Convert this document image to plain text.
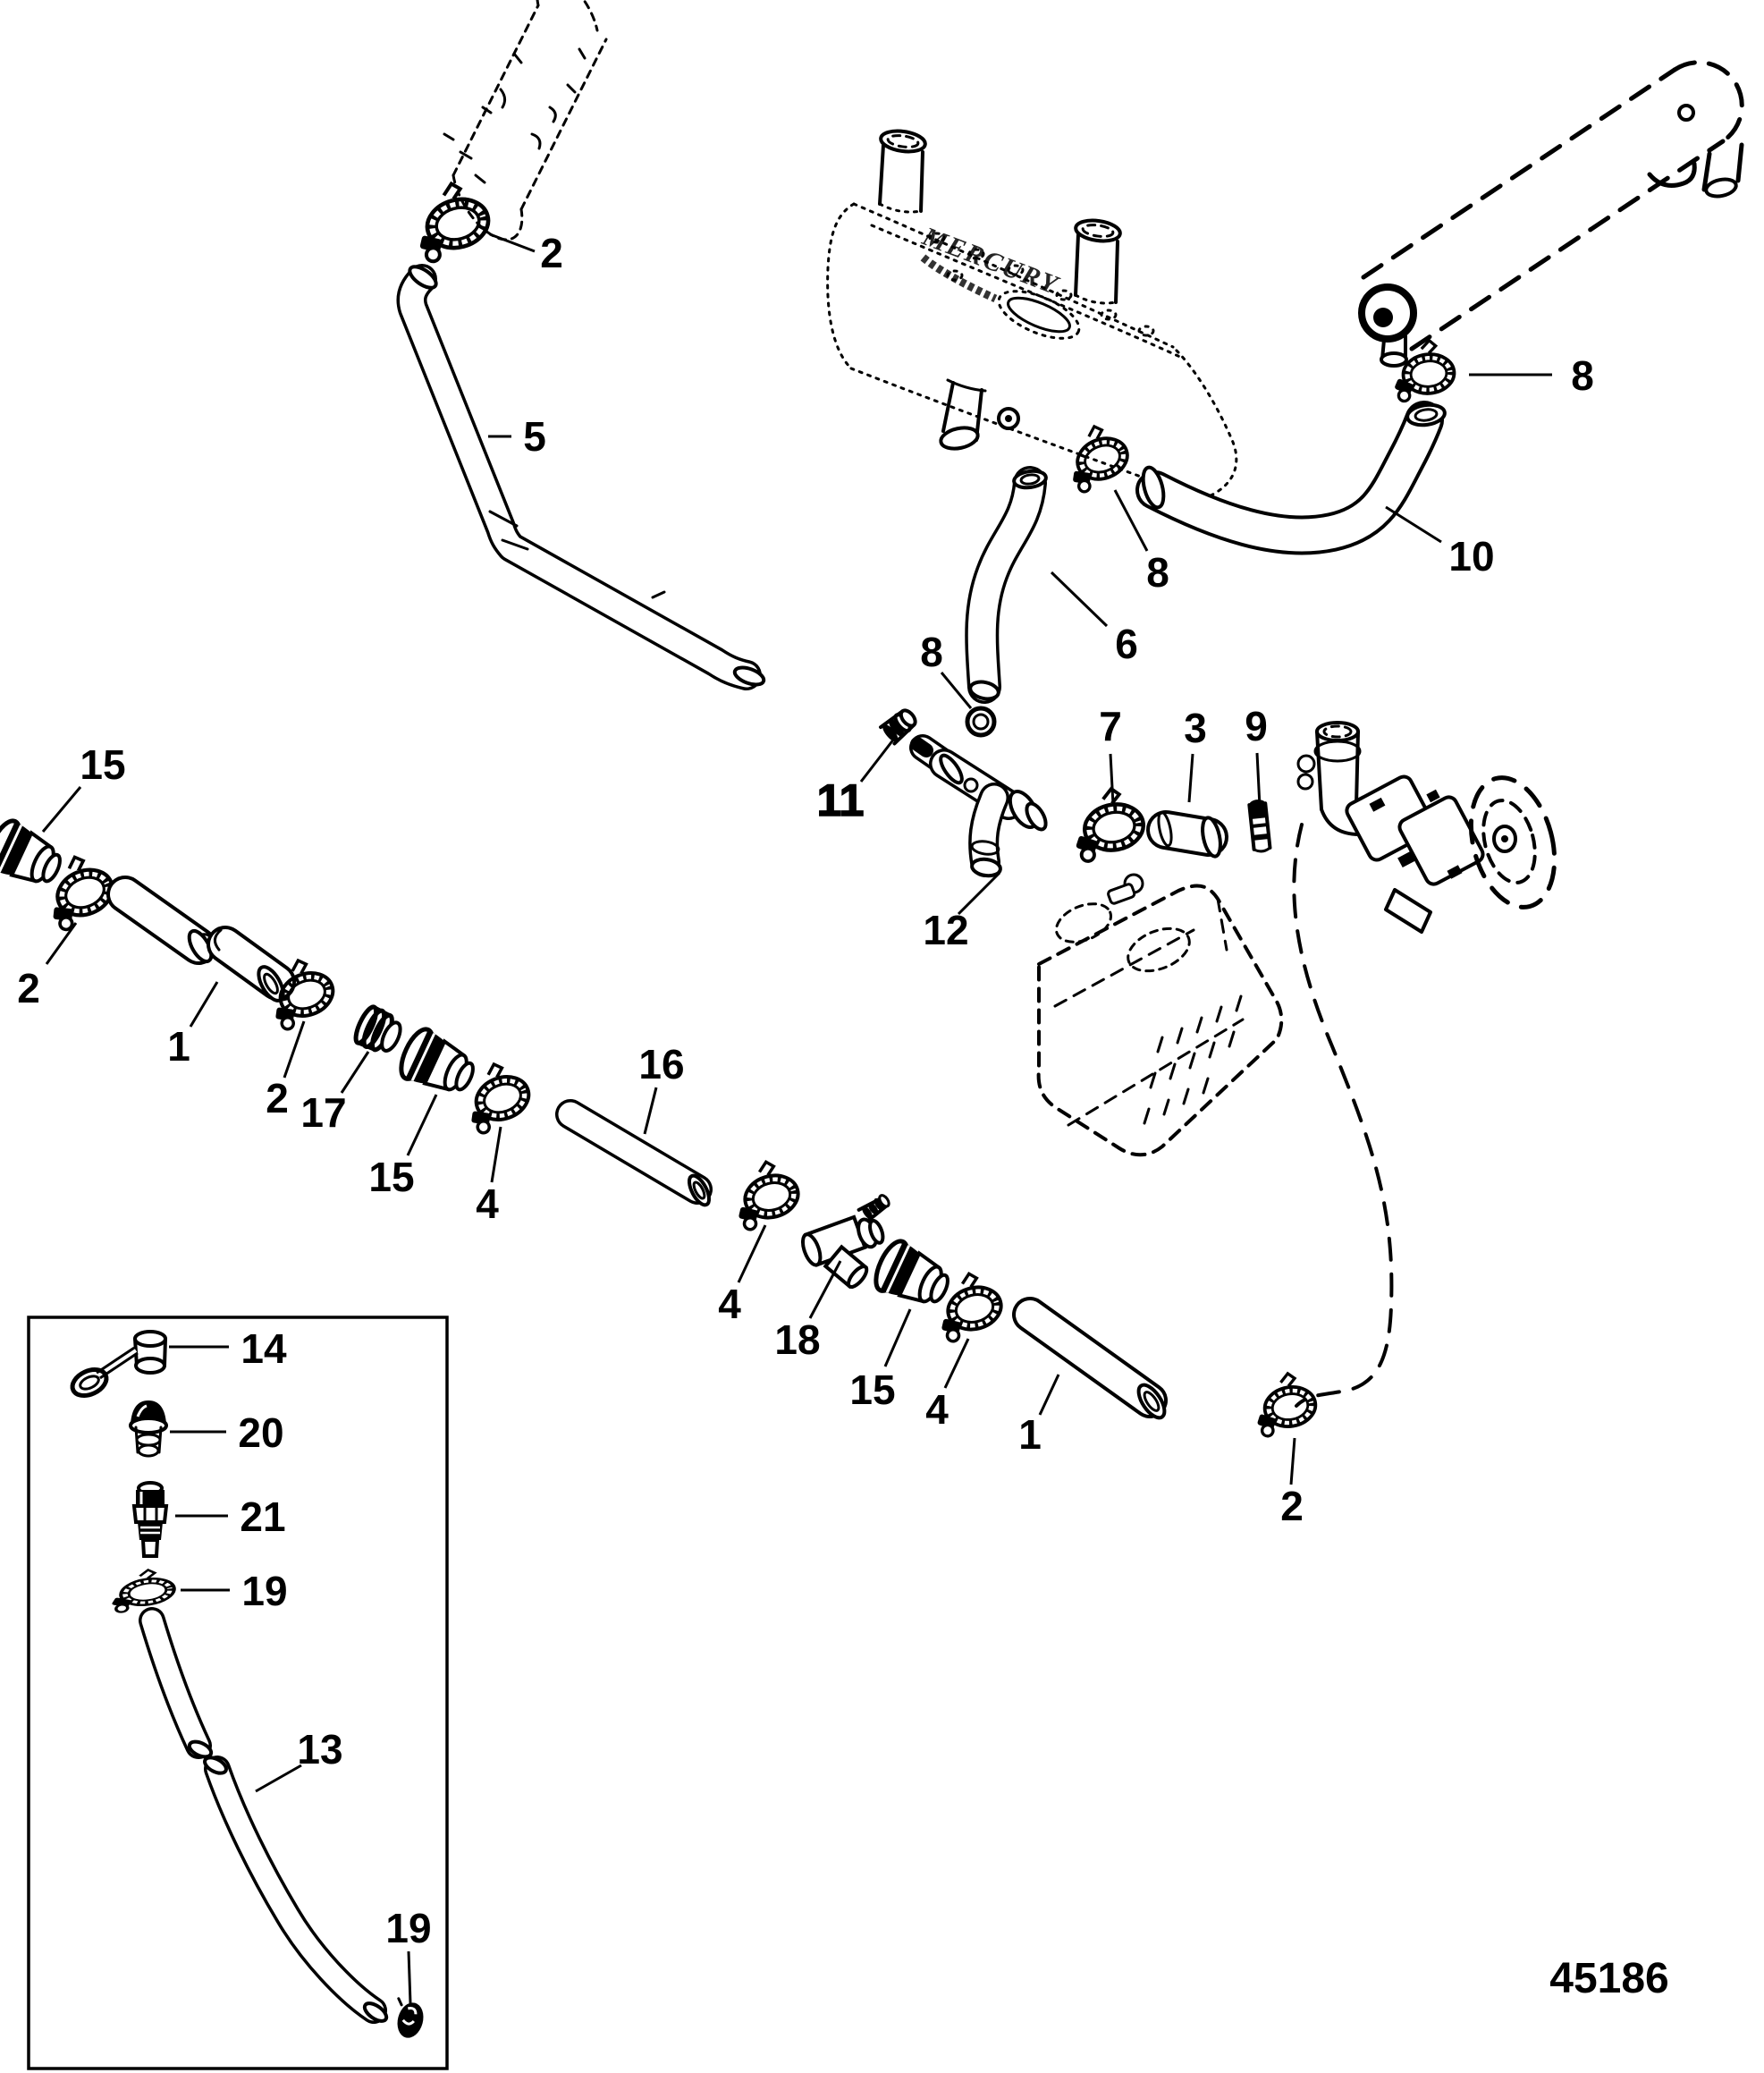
MERCURY
2
5
8
10
8
6
8
11
12
7 3 9
15
2
1
2 17
15
4
16
4
18
15 4
1
2
14
20
21
19
13
19
45186
